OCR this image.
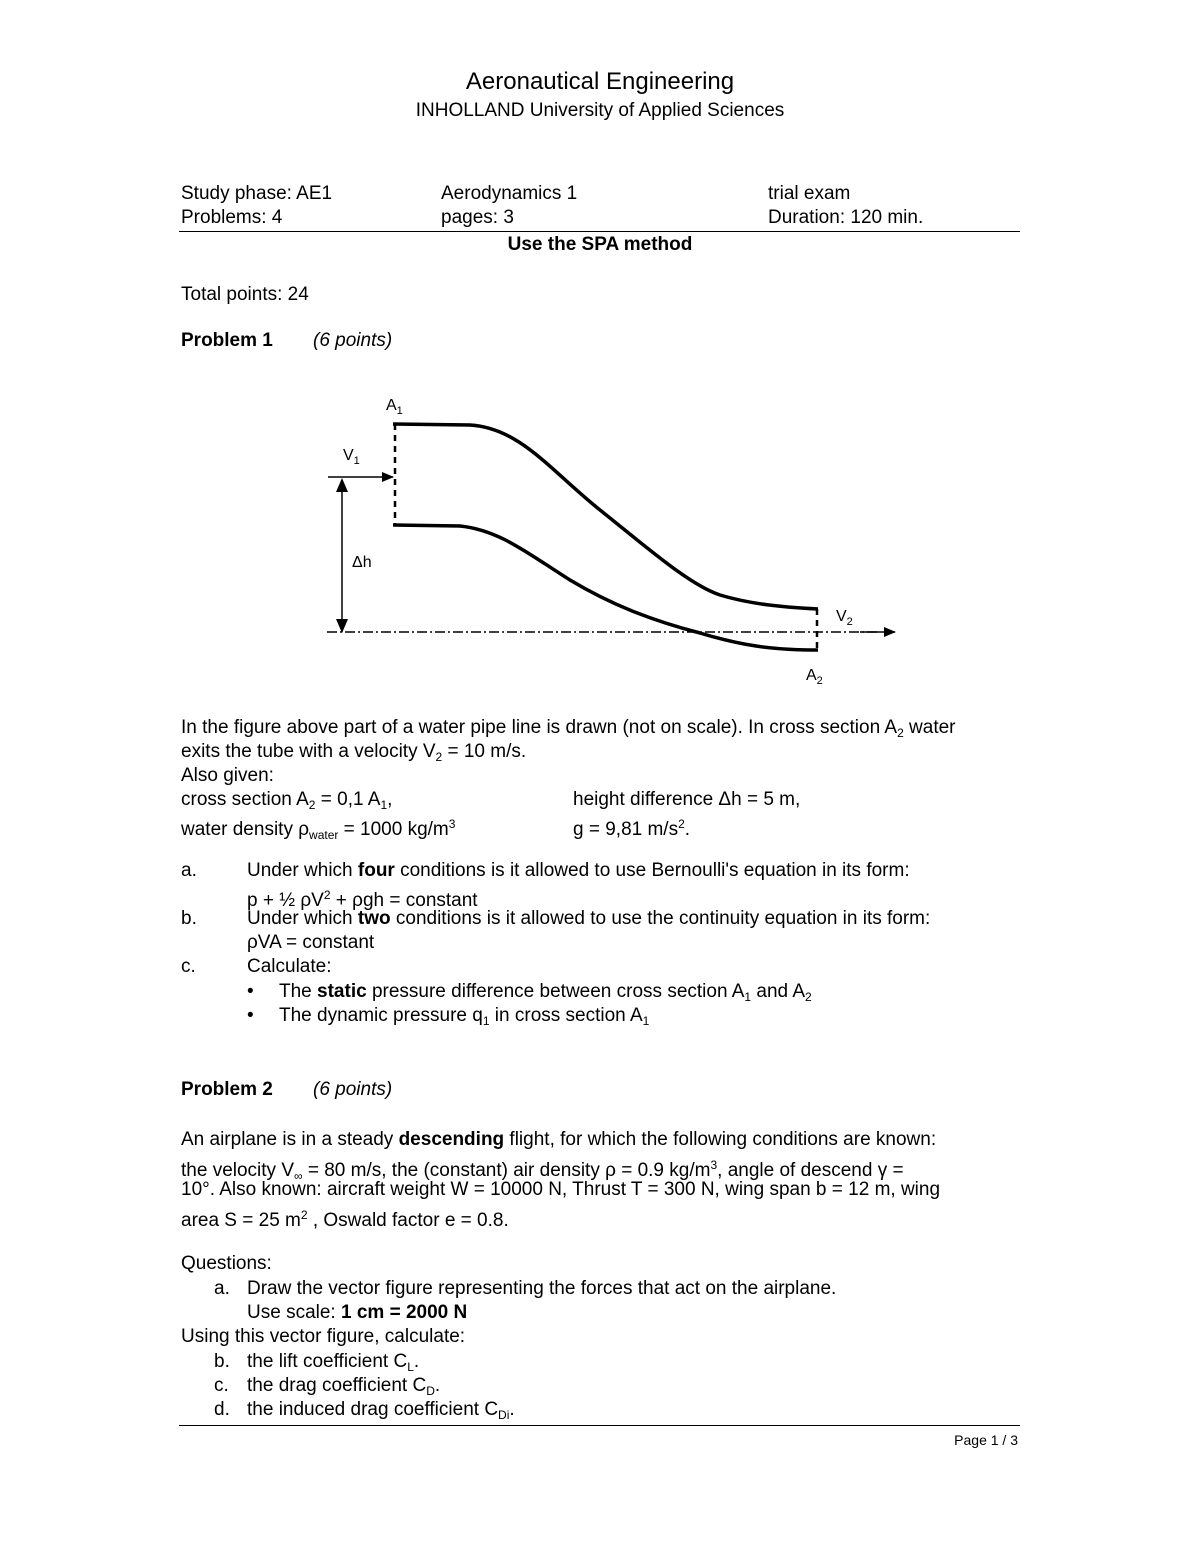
Aeronautical Engineering
INHOLLAND University of Applied Sciences
Study phase: AE1	Aerodynamics 1	trial exam
Problems: 4	pages: 3	Duration: 120 min.
Use the SPA method
Total points: 24
Problem 1 (6 points)
$A_1$
$V_1$
Δh
$V_2$
$A_2$
In the figure above part of a water pipe line is drawn (not on scale). In cross section $A_2$ water
exits the tube with a velocity $V_2 = 10$ m/s.
Also given:
cross section $A_2 = 0,1$ $A_1$,	height difference Δh = 5 m,
water density $\rho_{water} = 1000$ $kg/m^3$	g = 9,81 $m/s^2$.
a.	Under which four conditions is it allowed to use Bernoulli's equation in its form:
p + ½ $\rho V^2 + \rho gh$ = constant
b.	Under which two conditions is it allowed to use the continuity equation in its form:
ρVA = constant
c.	Calculate:
• The static pressure difference between cross section $A_1$ and $A_2$
• The dynamic pressure $q_1$ in cross section $A_1$
Problem 2 (6 points)
An airplane is in a steady descending flight, for which the following conditions are known:
the velocity $V_\infty = 80$ m/s, the (constant) air density ρ = 0.9 $kg/m^3$, angle of descend γ =
10°. Also known: aircraft weight W = 10000 N, Thrust T = 300 N, wing span b = 12 m, wing
area S = 25 $m^2$ , Oswald factor e = 0.8.
Questions:
a. Draw the vector figure representing the forces that act on the airplane.
Use scale: 1 cm = 2000 N
Using this vector figure, calculate:
b. the lift coefficient $C_L$.
c. the drag coefficient $C_D$.
d. the induced drag coefficient $C_{Di}$.
Page 1 / 3
